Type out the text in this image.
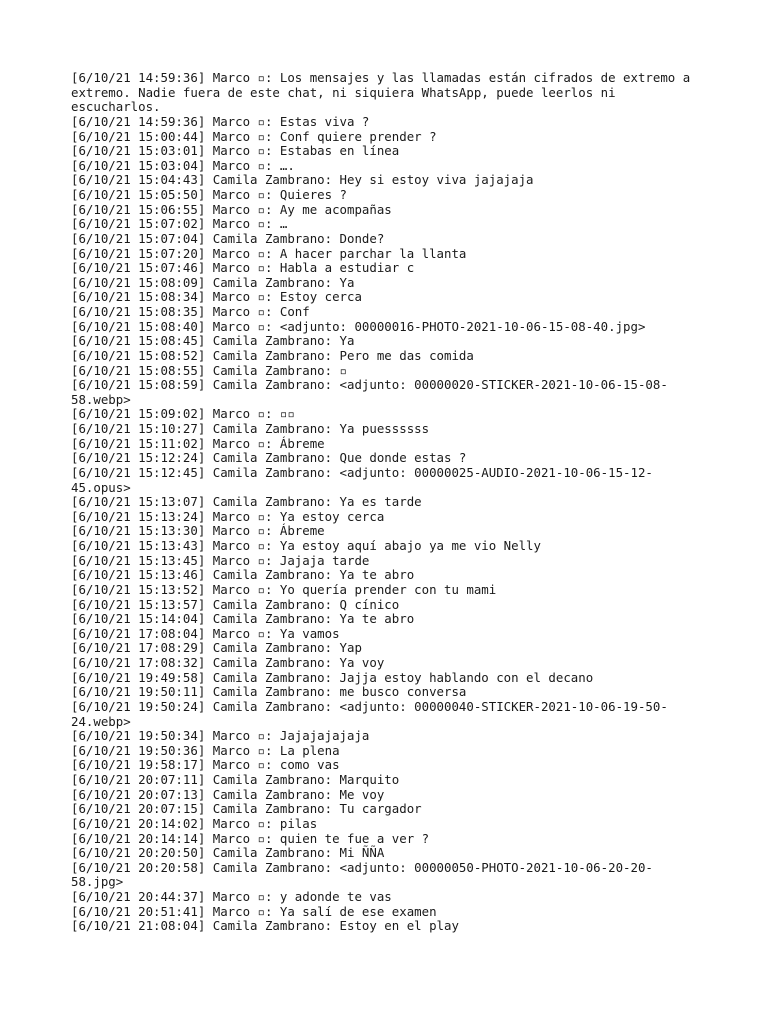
[6/10/21 14:59:36] Marco ▫: Los mensajes y las llamadas están cifrados de extremo a
extremo. Nadie fuera de este chat, ni siquiera WhatsApp, puede leerlos ni
escucharlos.
[6/10/21 14:59:36] Marco ▫: Estas viva ?
[6/10/21 15:00:44] Marco ▫: Conf quiere prender ?
[6/10/21 15:03:01] Marco ▫: Estabas en línea
[6/10/21 15:03:04] Marco ▫: ….
[6/10/21 15:04:43] Camila Zambrano: Hey si estoy viva jajajaja
[6/10/21 15:05:50] Marco ▫: Quieres ?
[6/10/21 15:06:55] Marco ▫: Ay me acompañas
[6/10/21 15:07:02] Marco ▫: …
[6/10/21 15:07:04] Camila Zambrano: Donde?
[6/10/21 15:07:20] Marco ▫: A hacer parchar la llanta
[6/10/21 15:07:46] Marco ▫: Habla a estudiar c
[6/10/21 15:08:09] Camila Zambrano: Ya
[6/10/21 15:08:34] Marco ▫: Estoy cerca
[6/10/21 15:08:35] Marco ▫: Conf
[6/10/21 15:08:40] Marco ▫: <adjunto: 00000016-PHOTO-2021-10-06-15-08-40.jpg>
[6/10/21 15:08:45] Camila Zambrano: Ya
[6/10/21 15:08:52] Camila Zambrano: Pero me das comida
[6/10/21 15:08:55] Camila Zambrano: ▫
[6/10/21 15:08:59] Camila Zambrano: <adjunto: 00000020-STICKER-2021-10-06-15-08-
58.webp>
[6/10/21 15:09:02] Marco ▫: ▫▫
[6/10/21 15:10:27] Camila Zambrano: Ya puessssss
[6/10/21 15:11:02] Marco ▫: Ábreme
[6/10/21 15:12:24] Camila Zambrano: Que donde estas ?
[6/10/21 15:12:45] Camila Zambrano: <adjunto: 00000025-AUDIO-2021-10-06-15-12-
45.opus>
[6/10/21 15:13:07] Camila Zambrano: Ya es tarde
[6/10/21 15:13:24] Marco ▫: Ya estoy cerca
[6/10/21 15:13:30] Marco ▫: Ábreme
[6/10/21 15:13:43] Marco ▫: Ya estoy aquí abajo ya me vio Nelly
[6/10/21 15:13:45] Marco ▫: Jajaja tarde
[6/10/21 15:13:46] Camila Zambrano: Ya te abro
[6/10/21 15:13:52] Marco ▫: Yo quería prender con tu mami
[6/10/21 15:13:57] Camila Zambrano: Q cínico
[6/10/21 15:14:04] Camila Zambrano: Ya te abro
[6/10/21 17:08:04] Marco ▫: Ya vamos
[6/10/21 17:08:29] Camila Zambrano: Yap
[6/10/21 17:08:32] Camila Zambrano: Ya voy
[6/10/21 19:49:58] Camila Zambrano: Jajja estoy hablando con el decano
[6/10/21 19:50:11] Camila Zambrano: me busco conversa
[6/10/21 19:50:24] Camila Zambrano: <adjunto: 00000040-STICKER-2021-10-06-19-50-
24.webp>
[6/10/21 19:50:34] Marco ▫: Jajajajajaja
[6/10/21 19:50:36] Marco ▫: La plena
[6/10/21 19:58:17] Marco ▫: como vas
[6/10/21 20:07:11] Camila Zambrano: Marquito
[6/10/21 20:07:13] Camila Zambrano: Me voy
[6/10/21 20:07:15] Camila Zambrano: Tu cargador
[6/10/21 20:14:02] Marco ▫: pilas
[6/10/21 20:14:14] Marco ▫: quien te fue a ver ?
[6/10/21 20:20:50] Camila Zambrano: Mi ÑÑA
[6/10/21 20:20:58] Camila Zambrano: <adjunto: 00000050-PHOTO-2021-10-06-20-20-
58.jpg>
[6/10/21 20:44:37] Marco ▫: y adonde te vas
[6/10/21 20:51:41] Marco ▫: Ya salí de ese examen
[6/10/21 21:08:04] Camila Zambrano: Estoy en el play
